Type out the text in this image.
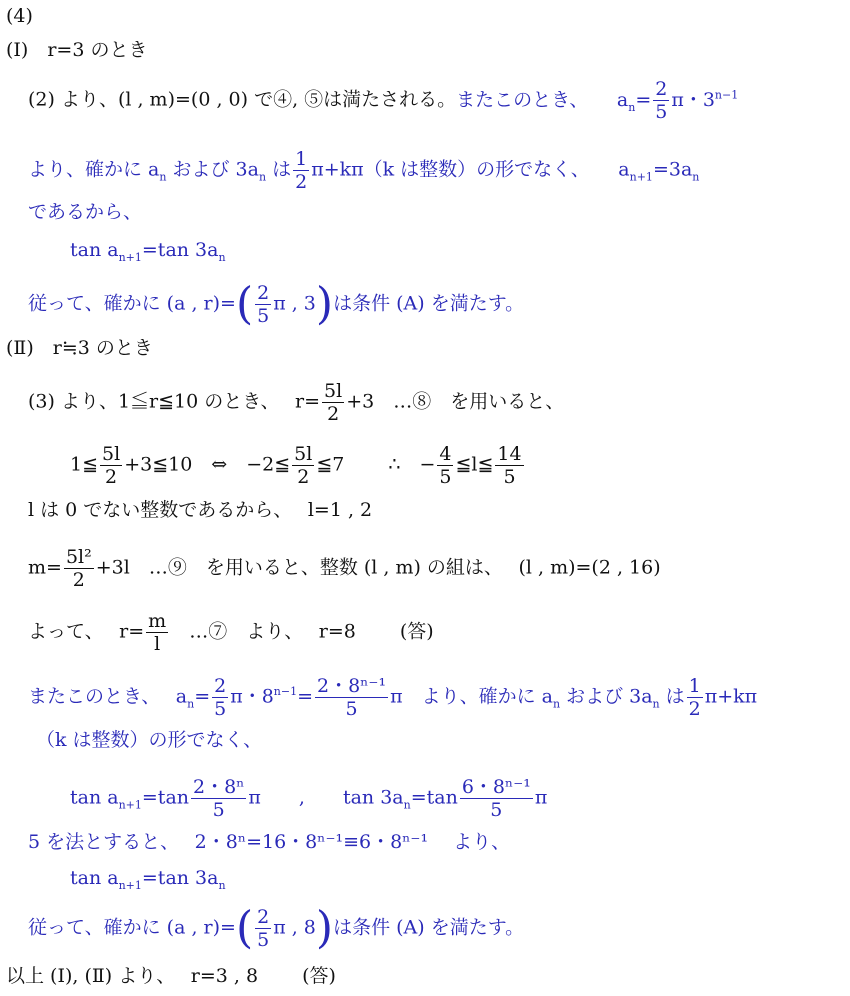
(4)
(Ⅰ)　r=3 のとき
(2) より、(l , m)=(0 , 0) で④, ⑤は満たされる。またこのとき、　　$a_n= \frac{2}{5}$ π・$3^{n-1}$
より、確かに $a_n$ および $3a_n$ は $\frac{1}{2} \pi+k\pi(k$ は整数）の形でなく、　　$a_{n+1}=3a_n$
であるから、
$\tan a_{n+1}=\tan$ $3a_n$
従って、確かに (a , $r)=( \frac{2}{5}$ π , 3)は条件 (A) を満たす。
(Ⅱ)　r≒3 のとき
(3) より、1≦r≦10 のとき、　 $r= \frac{5l}{2} +3$　…⑧　を用いると、
1≦ $\frac{5l}{2}$ +3≦10　⇔　−2≦ $\frac{5l}{2}$ ≦7　　 ∴　− $\frac{4}{5}$ ≦l≦ $\frac{14}{5}$
l は 0 でない整数であるから、　 l=1 , 2
$m= \frac{\text{5l²}}{2} +3l$　…⑨　を用いると、整数 (l , m) の組は、　 (l , m)=(2 , 16)
よって、　 $r= \frac{m}{l}$ 　…⑦　より、　 r=8　　 (答)
またこのとき、　 $a_n= \frac{2}{5}$ π・$8^{n-1}= \frac{\text{2・8ⁿ⁻¹}}{5}$ π　より、確かに $a_n$ および $3a_n$ は $\frac{1}{2} \pi+k\pi$
（k は整数）の形でなく、
$\tan a_{n+1}=\tan \frac{\text{2・8ⁿ}}{5}$ π　　,　　$\tan 3a_n=\tan \frac{\text{6・8ⁿ⁻¹}}{5}$ π
5 を法とすると、　 2・8ⁿ=16・8ⁿ⁻¹≡6・8ⁿ⁻¹　 より、
$\tan a_{n+1}=\tan$ $3a_n$
従って、確かに (a , $r)=( \frac{2}{5}$ π , 8)は条件 (A) を満たす。
以上 (Ⅰ), (Ⅱ) より、　 r=3 , 8　　 (答)
